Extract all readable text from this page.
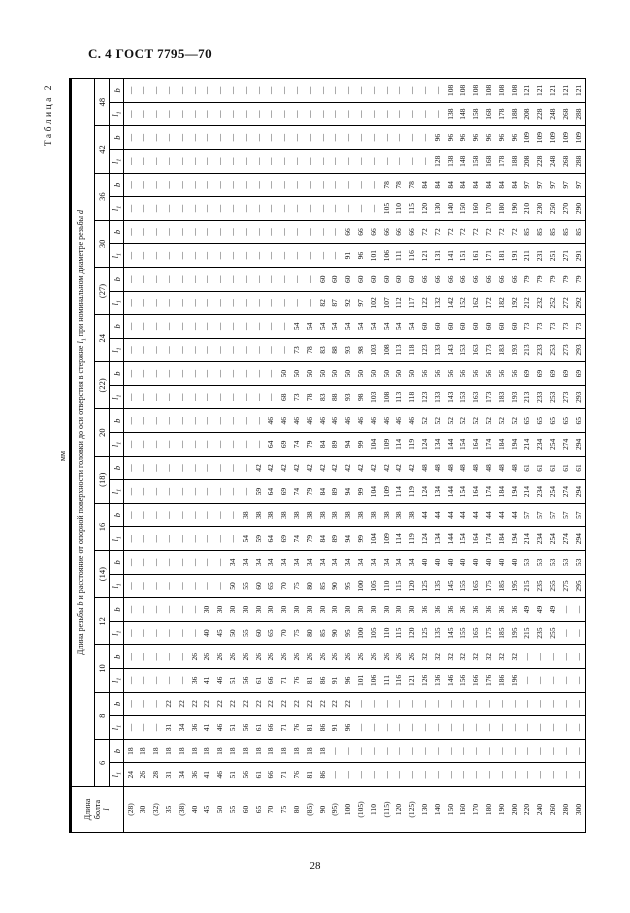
С. 4 ГОСТ 7795—70
Таблица 2
мм
Длина болта l	Длина резьбы b и расстояние от опорной поверхности головки до оси отверстия в стержне $l_1$ при номинальном диаметре резьбы d																													
	6		8		10		12		(14)		16		(18)		20		(22)		24		(27)		30		36		42		48	
	$l_1$	b	$l_1$	b	$l_1$	b	$l_1$	b	$l_1$	b	$l_1$	b	$l_1$	b	$l_1$	b	$l_1$	b	$l_1$	b	$l_1$	b	$l_1$	b	$l_1$	b	$l_1$	b	$l_1$	b
(28)	24	18	—	—	—	—	—	—	—	—	—	—	—	—	—	—	—	—	—	—	—	—	—	—	—	—	—	—	—	—
30	26	18	—	—	—	—	—	—	—	—	—	—	—	—	—	—	—	—	—	—	—	—	—	—	—	—	—	—	—	—
(32)	28	18	—	—	—	—	—	—	—	—	—	—	—	—	—	—	—	—	—	—	—	—	—	—	—	—	—	—	—	—
35	31	18	31	22	—	—	—	—	—	—	—	—	—	—	—	—	—	—	—	—	—	—	—	—	—	—	—	—	—	—
(38)	34	18	34	22	—	—	—	—	—	—	—	—	—	—	—	—	—	—	—	—	—	—	—	—	—	—	—	—	—	—
40	36	18	36	22	36	26	—	—	—	—	—	—	—	—	—	—	—	—	—	—	—	—	—	—	—	—	—	—	—	—
45	41	18	41	22	41	26	40	30	—	—	—	—	—	—	—	—	—	—	—	—	—	—	—	—	—	—	—	—	—	—
50	46	18	46	22	46	26	45	30	—	—	—	—	—	—	—	—	—	—	—	—	—	—	—	—	—	—	—	—	—	—
55	51	18	51	22	51	26	50	30	50	34	—	—	—	—	—	—	—	—	—	—	—	—	—	—	—	—	—	—	—	—
60	56	18	56	22	56	26	55	30	55	34	54	38	—	—	—	—	—	—	—	—	—	—	—	—	—	—	—	—	—	—
65	61	18	61	22	61	26	60	30	60	34	59	38	59	42	—	—	—	—	—	—	—	—	—	—	—	—	—	—	—	—
70	66	18	66	22	66	26	65	30	65	34	64	38	64	42	64	46	—	—	—	—	—	—	—	—	—	—	—	—	—	—
75	71	18	71	22	71	26	70	30	70	34	69	38	69	42	69	46	68	50	—	—	—	—	—	—	—	—	—	—	—	—
80	76	18	76	22	76	26	75	30	75	34	74	38	74	42	74	46	73	50	73	54	—	—	—	—	—	—	—	—	—	—
(85)	81	18	81	22	81	26	80	30	80	34	79	38	79	42	79	46	78	50	78	54	—	—	—	—	—	—	—	—	—	—
90	86	18	86	22	86	26	85	30	85	34	84	38	84	42	84	46	83	50	83	54	82	60	—	—	—	—	—	—	—	—
(95)	—	—	91	22	91	26	90	30	90	34	89	38	89	42	89	46	88	50	88	54	87	60	—	—	—	—	—	—	—	—
100	—	—	96	22	96	26	95	30	95	34	94	38	94	42	94	46	93	50	93	54	92	60	91	66	—	—	—	—	—	—
(105)	—	—	—	—	101	26	100	30	100	34	99	38	99	42	99	46	98	50	98	54	97	60	96	66	—	—	—	—	—	—
110	—	—	—	—	106	26	105	30	105	34	104	38	104	42	104	46	103	50	103	54	102	60	101	66	—	—	—	—	—	—
(115)	—	—	—	—	111	26	110	30	110	34	109	38	109	42	109	46	108	50	108	54	107	60	106	66	105	78	—	—	—	—
120	—	—	—	—	116	26	115	30	115	34	114	38	114	42	114	46	113	50	113	54	112	60	111	66	110	78	—	—	—	—
(125)	—	—	—	—	121	26	120	30	120	34	119	38	119	42	119	46	118	50	118	54	117	60	116	66	115	78	—	—	—	—
130	—	—	—	—	126	32	125	36	125	40	124	44	124	48	124	52	123	56	123	60	122	66	121	72	120	84	—	—	—	—
140	—	—	—	—	136	32	135	36	135	40	134	44	134	48	134	52	133	56	133	60	132	66	131	72	130	84	128	96	—	—
150	—	—	—	—	146	32	145	36	145	40	144	44	144	48	144	52	143	56	143	60	142	66	141	72	140	84	138	96	138	108
160	—	—	—	—	156	32	155	36	155	40	154	44	154	48	154	52	153	56	153	60	152	66	151	72	150	84	148	96	148	108
170	—	—	—	—	166	32	165	36	165	40	164	44	164	48	164	52	163	56	163	60	162	66	161	72	160	84	158	96	158	108
180	—	—	—	—	176	32	175	36	175	40	174	44	174	48	174	52	173	56	173	60	172	66	171	72	170	84	168	96	168	108
190	—	—	—	—	186	32	185	36	185	40	184	44	184	48	184	52	183	56	183	60	182	66	181	72	180	84	178	96	178	108
200	—	—	—	—	196	32	195	36	195	40	194	44	194	48	194	52	193	56	193	60	192	66	191	72	190	84	188	96	188	108
220	—	—	—	—	—	—	215	49	215	53	214	57	214	61	214	65	213	69	213	73	212	79	211	85	210	97	208	109	208	121
240	—	—	—	—	—	—	235	49	235	53	234	57	234	61	234	65	233	69	233	73	232	79	231	85	230	97	228	109	228	121
260	—	—	—	—	—	—	255	49	255	53	254	57	254	61	254	65	253	69	253	73	252	79	251	85	250	97	248	109	248	121
280	—	—	—	—	—	—	—	—	275	53	274	57	274	61	274	65	273	69	273	73	272	79	271	85	270	97	268	109	268	121
300	—	—	—	—	—	—	—	—	295	53	294	57	294	61	294	65	293	69	293	73	292	79	291	85	290	97	288	109	288	121
28
